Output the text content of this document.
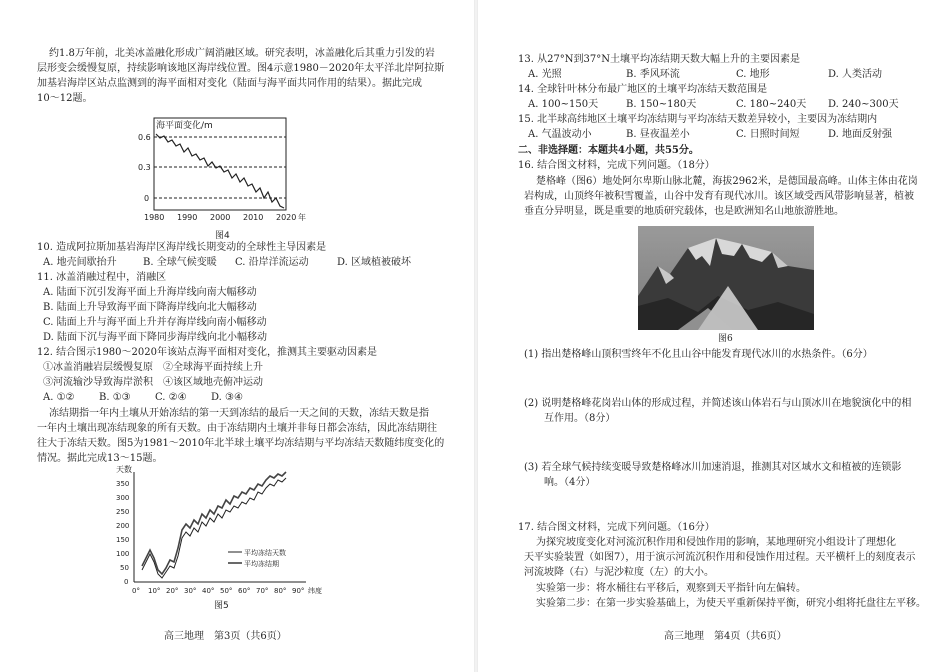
约1.8万年前，北美冰盖融化形成广阔消融区域。研究表明，冰盖融化后其重力引发的岩
层形变会缓慢复原，持续影响该地区海岸线位置。图4示意1980－2020年太平洋北岸阿拉斯
加基岩海岸区站点监测到的海平面相对变化（陆面与海平面共同作用的结果）。据此完成
10～12题。
海平面变化/m
0.6
0.3
0
1980 1990 2000 2010 2020 年
图4
10. 造成阿拉斯加基岩海岸区海岸线长期变动的全球性主导因素是
A. 地壳间歇抬升	B. 全球气候变暖 C. 沿岸洋流运动	D. 区域植被破坏
11. 冰盖消融过程中，消融区
A. 陆面下沉引发海平面上升海岸线向南大幅移动
B. 陆面上升导致海平面下降海岸线向北大幅移动
C. 陆面上升与海平面上升并存海岸线向南小幅移动
D. 陆面下沉与海平面下降同步海岸线向北小幅移动
12. 结合图示1980～2020年该站点海平面相对变化，推测其主要驱动因素是
①冰盖消融岩层缓慢复原 ②全球海平面持续上升
③河流输沙导致海岸淤积 ④该区域地壳俯冲运动
A. ①② B. ①③ C. ②④ D. ③④
冻结期指一年内土壤从开始冻结的第一天到冻结的最后一天之间的天数，冻结天数是指
一年内土壤出现冻结现象的所有天数。由于冻结期内土壤并非每日都会冻结，因此冻结期往
往大于冻结天数。图5为1981～2010年北半球土壤平均冻结期与平均冻结天数随纬度变化的
情况。据此完成13～15题。
天数
350
300
250
200
150
100
50
0
0° 10° 20° 30° 40° 50° 60° 70° 80° 90° 纬度
平均冻结天数
平均冻结期
图5
高三地理　第3页（共6页）
13. 从27°N到37°N土壤平均冻结期天数大幅上升的主要因素是
A. 光照	B. 季风环流	C. 地形	D. 人类活动
14. 全球针叶林分布最广地区的土壤平均冻结天数范围是
A. 100~150天	B. 150~180天	C. 180~240天 D. 240~300天
15. 北半球高纬地区土壤平均冻结期与平均冻结天数差异较小，主要因为冻结期内
A. 气温波动小	B. 昼夜温差小	C. 日照时间短	D. 地面反射强
二、非选择题：本题共4小题，共55分。
16. 结合图文材料，完成下列问题。（18分）
楚格峰（图6）地处阿尔卑斯山脉北麓，海拔2962米，是德国最高峰。山体主体由花岗
岩构成，山顶终年被积雪覆盖，山谷中发育有现代冰川。该区域受西风带影响显著，植被
垂直分异明显，既是重要的地质研究载体，也是欧洲知名山地旅游胜地。
图6
(1) 指出楚格峰山顶积雪终年不化且山谷中能发育现代冰川的水热条件。（6分）
(2) 说明楚格峰花岗岩山体的形成过程，并简述该山体岩石与山顶冰川在地貌演化中的相
互作用。（8分）
(3) 若全球气候持续变暖导致楚格峰冰川加速消退，推测其对区域水文和植被的连锁影
响。（4分）
17. 结合图文材料，完成下列问题。（16分）
为探究坡度变化对河流沉积作用和侵蚀作用的影响，某地理研究小组设计了理想化
天平实验装置（如图7），用于演示河流沉积作用和侵蚀作用过程。天平横杆上的刻度表示
河流坡降（右）与泥沙粒度（左）的大小。
实验第一步：将水桶往右平移后，观察到天平指针向左偏转。
实验第二步：在第一步实验基础上，为使天平重新保持平衡，研究小组将托盘往左平移。
高三地理　第4页（共6页）
